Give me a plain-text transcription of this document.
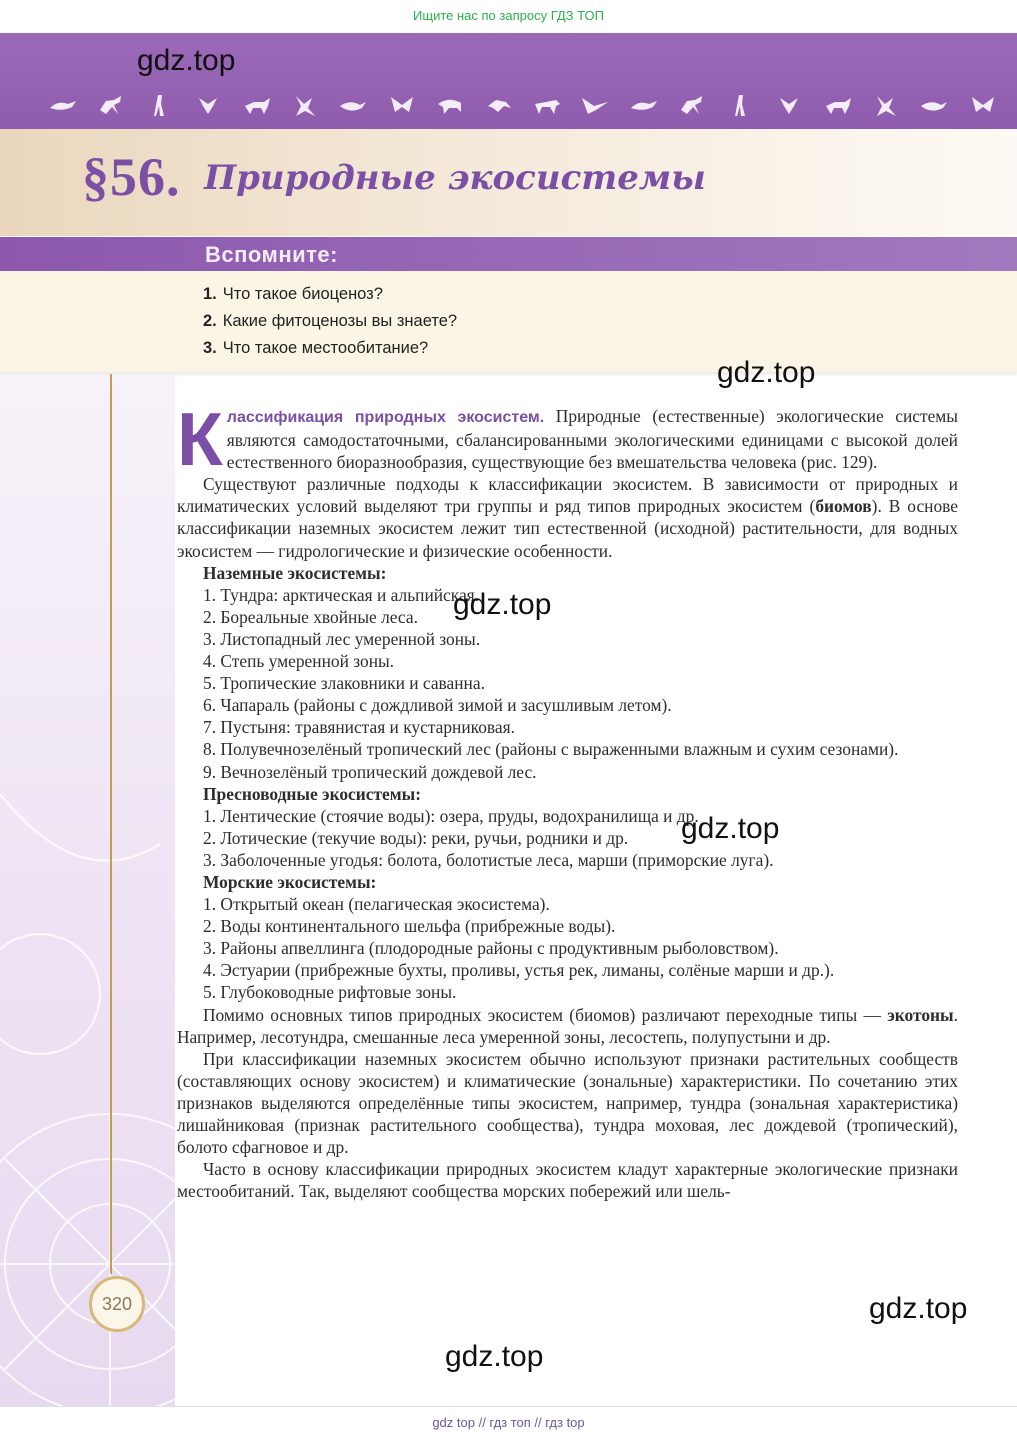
Ищите нас по запросу ГДЗ ТОП
§56. Природные экосистемы
Вспомните:
1. Что такое биоценоз?
2. Какие фитоценозы вы знаете?
3. Что такое местообитание?
320

Классификация природных экосистем. Природные (естественные) экологические системы являются самодостаточными, сбалансированными экологическими единицами с высокой долей естественного биоразнообразия, существующие без вмешательства человека (рис. 129).

Существуют различные подходы к классификации экосистем. В зависимости от природных и климатических условий выделяют три группы и ряд типов природных экосистем (биомов). В основе классификации наземных экосистем лежит тип естественной (исходной) растительности, для водных экосистем — гидрологические и физические особенности.

Наземные экосистемы:
1. Тундра: арктическая и альпийская.
2. Бореальные хвойные леса.
3. Листопадный лес умеренной зоны.
4. Степь умеренной зоны.
5. Тропические злаковники и саванна.
6. Чапараль (районы с дождливой зимой и засушливым летом).
7. Пустыня: травянистая и кустарниковая.
8. Полувечнозелёный тропический лес (районы с выраженными влажным и сухим сезонами).
9. Вечнозелёный тропический дождевой лес.
Пресноводные экосистемы:
1. Лентические (стоячие воды): озера, пруды, водохранилища и др.
2. Лотические (текучие воды): реки, ручьи, родники и др.
3. Заболоченные угодья: болота, болотистые леса, марши (приморские луга).
Морские экосистемы:
1. Открытый океан (пелагическая экосистема).
2. Воды континентального шельфа (прибрежные воды).
3. Районы апвеллинга (плодородные районы с продуктивным рыболовством).
4. Эстуарии (прибрежные бухты, проливы, устья рек, лиманы, солёные марши и др.).
5. Глубоководные рифтовые зоны.

Помимо основных типов природных экосистем (биомов) различают переходные типы — экотоны. Например, лесотундра, смешанные леса умеренной зоны, лесостепь, полупустыни и др.

При классификации наземных экосистем обычно используют признаки растительных сообществ (составляющих основу экосистем) и климатические (зональные) характеристики. По сочетанию этих признаков выделяются определённые типы экосистем, например, тундра (зональная характеристика) лишайниковая (признак растительного сообщества), тундра моховая, лес дождевой (тропический), болото сфагновое и др.

Часто в основу классификации природных экосистем кладут характерные экологические признаки местообитаний. Так, выделяют сообщества морских побережий или шель-

gdz.top
gdz.top
gdz.top
gdz.top
gdz.top
gdz.top
gdz top // гдз топ // гдз top
